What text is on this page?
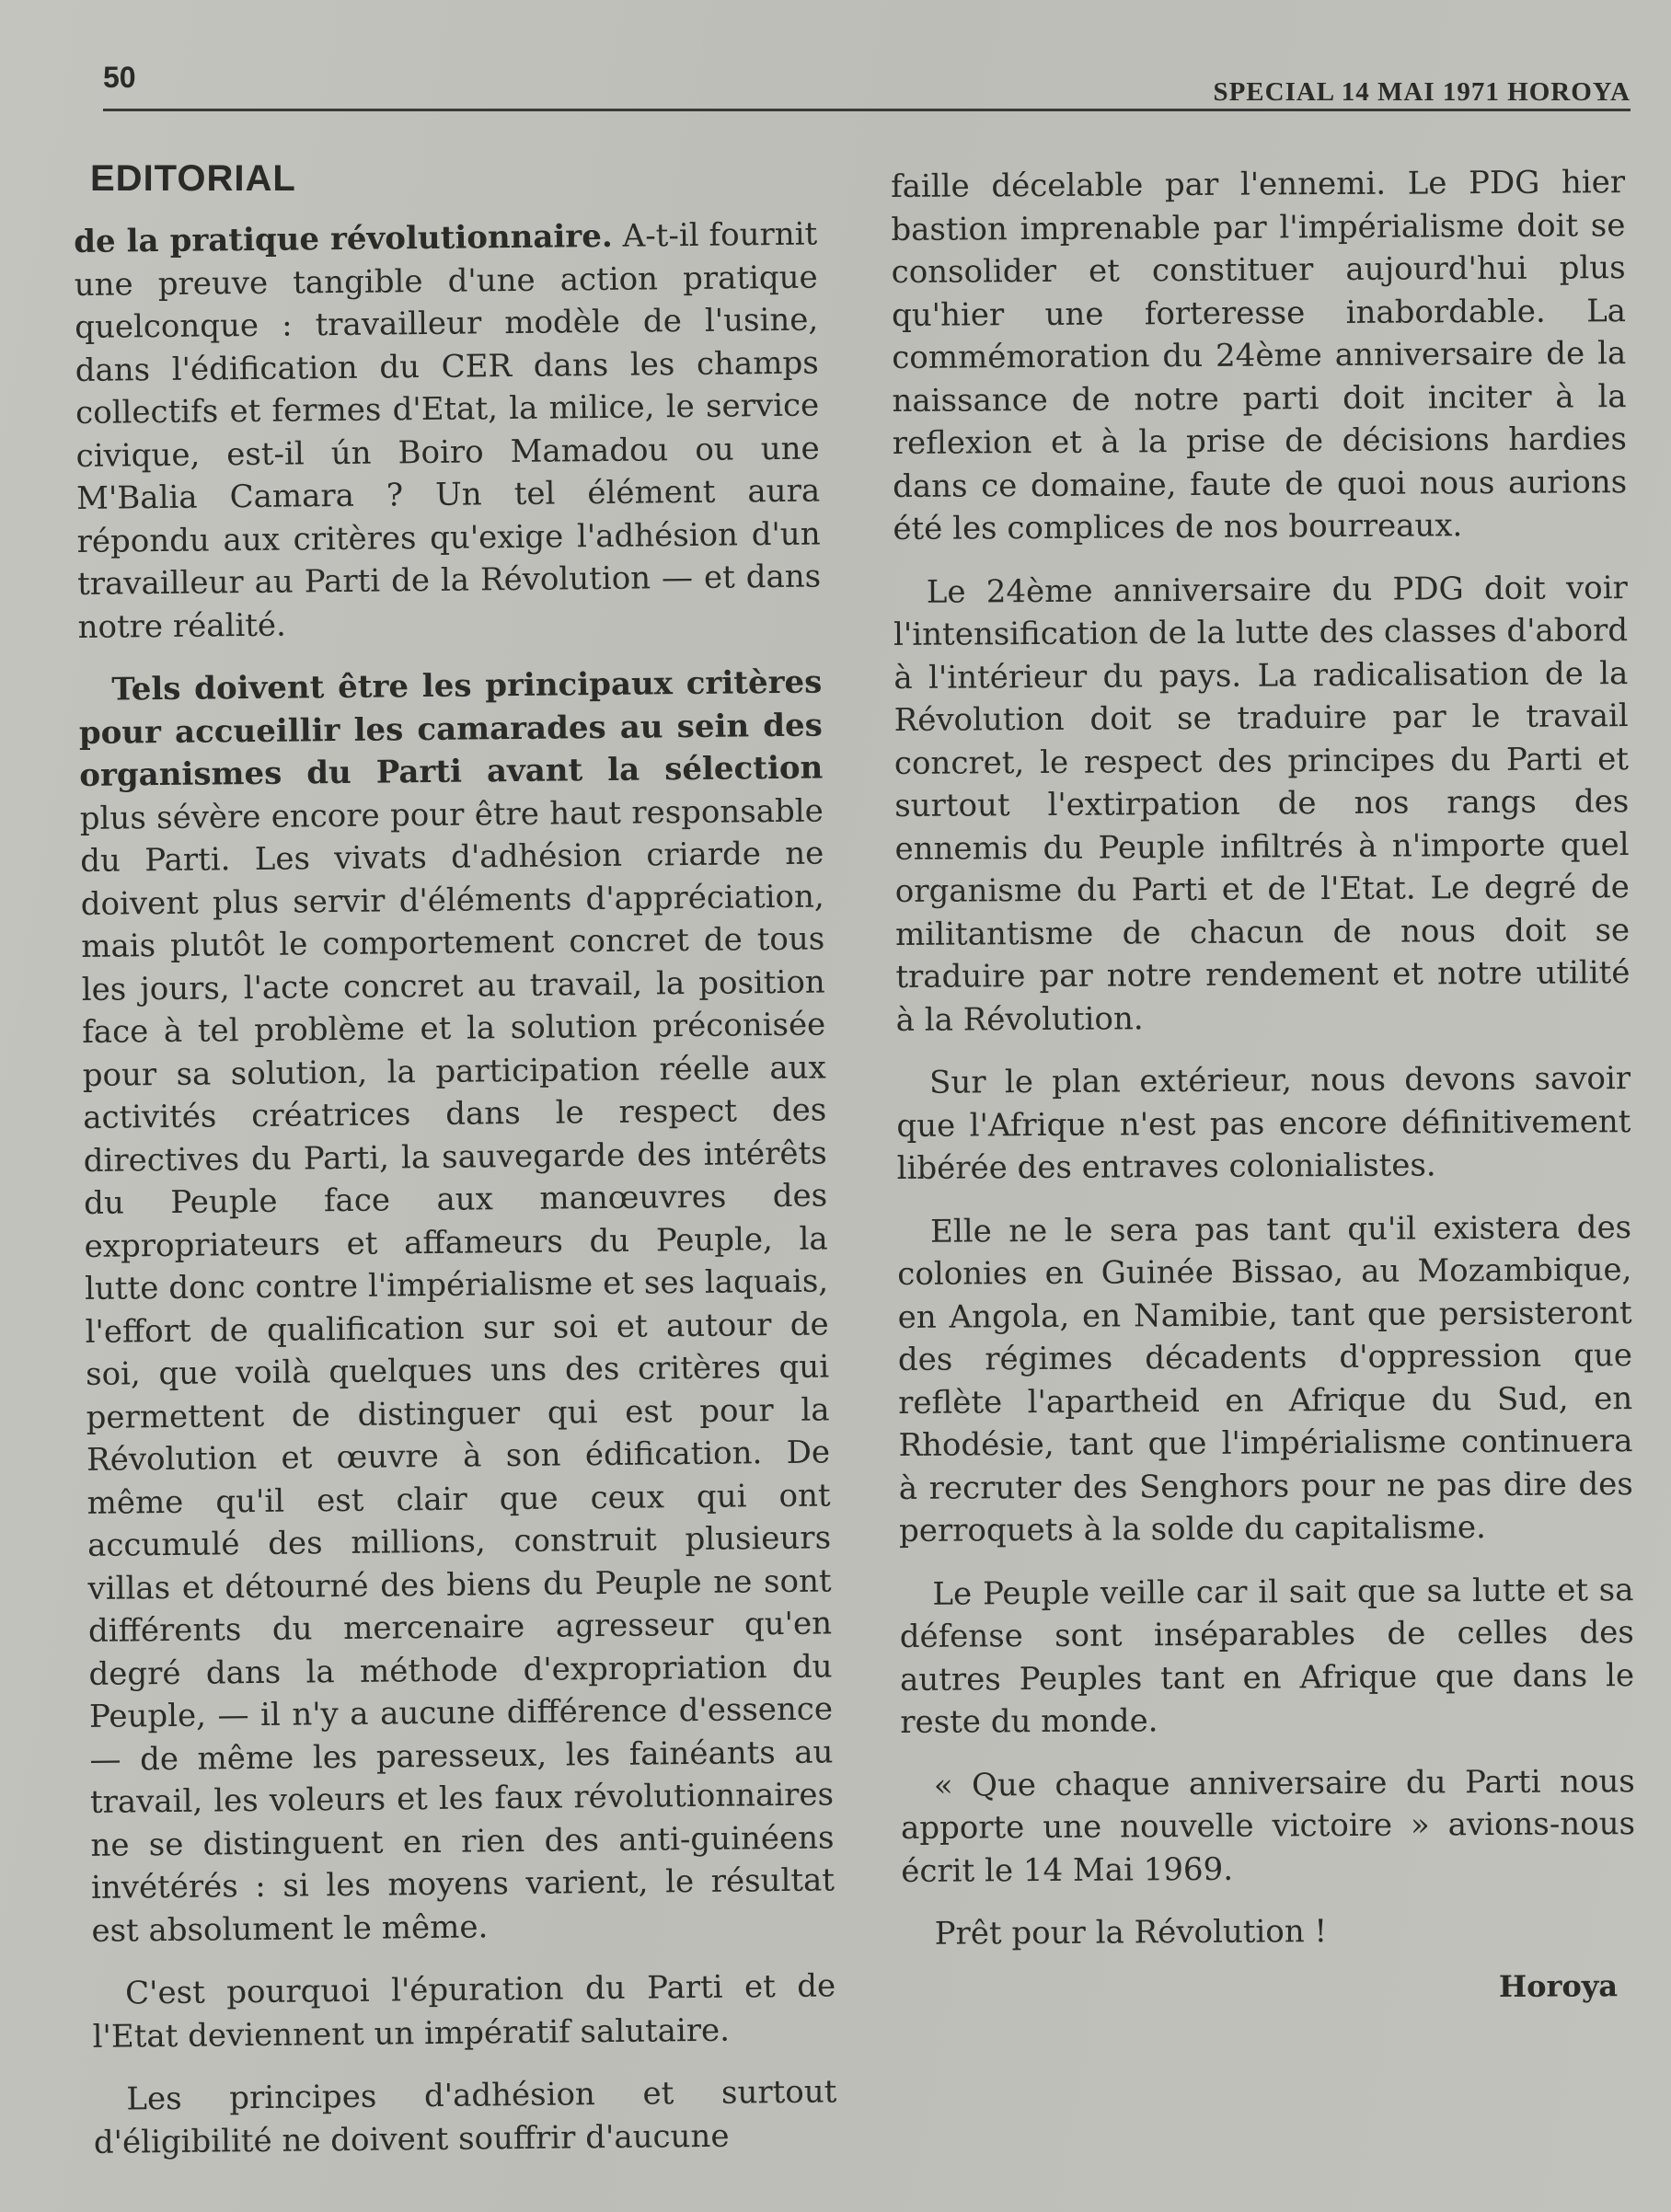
50	SPECIAL 14 MAI 1971 HOROYA
EDITORIAL

de la pratique révolutionnaire. A-t-il fournit une preuve tangible d'une action pratique quelconque : travailleur modèle de l'usine, dans l'édification du CER dans les champs collectifs et fermes d'Etat, la milice, le service civique, est-il ún Boiro Mamadou ou une M'Balia Camara ? Un tel élément aura répondu aux critères qu'exige l'adhésion d'un travailleur au Parti de la Révolution — et dans notre réalité.

Tels doivent être les principaux critères pour accueillir les camarades au sein des organismes du Parti avant la sélection plus sévère encore pour être haut responsable du Parti. Les vivats d'adhésion criarde ne doivent plus servir d'éléments d'appréciation, mais plutôt le comportement concret de tous les jours, l'acte concret au travail, la position face à tel problème et la solution préconisée pour sa solution, la participation réelle aux activités créatrices dans le respect des directives du Parti, la sauvegarde des intérêts du Peuple face aux manœuvres des expropriateurs et affameurs du Peuple, la lutte donc contre l'impérialisme et ses laquais, l'effort de qualification sur soi et autour de soi, que voilà quelques uns des critères qui permettent de distinguer qui est pour la Révolution et œuvre à son édification. De même qu'il est clair que ceux qui ont accumulé des millions, construit plusieurs villas et détourné des biens du Peuple ne sont différents du mercenaire agresseur qu'en degré dans la méthode d'expropriation du Peuple, — il n'y a aucune différence d'essence — de même les paresseux, les fainéants au travail, les voleurs et les faux révolutionnaires ne se distinguent en rien des anti-guinéens invétérés : si les moyens varient, le résultat est absolument le même.

C'est pourquoi l'épuration du Parti et de l'Etat deviennent un impératif salutaire.

Les principes d'adhésion et surtout d'éligibilité ne doivent souffrir d'aucune

faille décelable par l'ennemi. Le PDG hier bastion imprenable par l'impérialisme doit se consolider et constituer aujourd'hui plus qu'hier une forteresse inabordable. La commémoration du 24ème anniversaire de la naissance de notre parti doit inciter à la reflexion et à la prise de décisions hardies dans ce domaine, faute de quoi nous aurions été les complices de nos bourreaux.

Le 24ème anniversaire du PDG doit voir l'intensification de la lutte des classes d'abord à l'intérieur du pays. La radicalisation de la Révolution doit se traduire par le travail concret, le respect des principes du Parti et surtout l'extirpation de nos rangs des ennemis du Peuple infiltrés à n'importe quel organisme du Parti et de l'Etat. Le degré de militantisme de chacun de nous doit se traduire par notre rendement et notre utilité à la Révolution.

Sur le plan extérieur, nous devons savoir que l'Afrique n'est pas encore définitivement libérée des entraves colonialistes.

Elle ne le sera pas tant qu'il existera des colonies en Guinée Bissao, au Mozambique, en Angola, en Namibie, tant que persisteront des régimes décadents d'oppression que reflète l'apartheid en Afrique du Sud, en Rhodésie, tant que l'impérialisme continuera à recruter des Senghors pour ne pas dire des perroquets à la solde du capitalisme.

Le Peuple veille car il sait que sa lutte et sa défense sont inséparables de celles des autres Peuples tant en Afrique que dans le reste du monde.

« Que chaque anniversaire du Parti nous apporte une nouvelle victoire » avions-nous écrit le 14 Mai 1969.

Prêt pour la Révolution !

Horoya
